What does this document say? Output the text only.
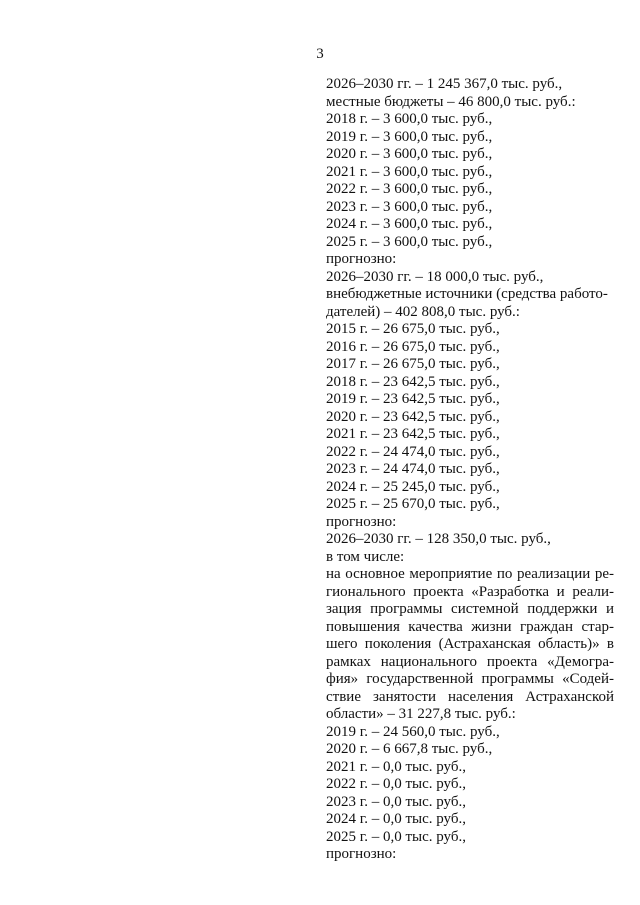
3
2026–2030 гг. – 1 245 367,0 тыс. руб.,
местные бюджеты – 46 800,0 тыс. руб.:
2018 г. – 3 600,0 тыс. руб.,
2019 г. – 3 600,0 тыс. руб.,
2020 г. – 3 600,0 тыс. руб.,
2021 г. – 3 600,0 тыс. руб.,
2022 г. – 3 600,0 тыс. руб.,
2023 г. – 3 600,0 тыс. руб.,
2024 г. – 3 600,0 тыс. руб.,
2025 г. – 3 600,0 тыс. руб.,
прогнозно:
2026–2030 гг. – 18 000,0 тыс. руб.,
внебюджетные источники (средства работо-
дателей) – 402 808,0 тыс. руб.:
2015 г. – 26 675,0 тыс. руб.,
2016 г. – 26 675,0 тыс. руб.,
2017 г. – 26 675,0 тыс. руб.,
2018 г. – 23 642,5 тыс. руб.,
2019 г. – 23 642,5 тыс. руб.,
2020 г. – 23 642,5 тыс. руб.,
2021 г. – 23 642,5 тыс. руб.,
2022 г. – 24 474,0 тыс. руб.,
2023 г. – 24 474,0 тыс. руб.,
2024 г. – 25 245,0 тыс. руб.,
2025 г. – 25 670,0 тыс. руб.,
прогнозно:
2026–2030 гг. – 128 350,0 тыс. руб.,
в том числе:
на основное мероприятие по реализации ре-
гионального проекта «Разработка и реали-
зация программы системной поддержки и
повышения качества жизни граждан стар-
шего поколения (Астраханская область)» в
рамках национального проекта «Демогра-
фия» государственной программы «Содей-
ствие занятости населения Астраханской
области» – 31 227,8 тыс. руб.:
2019 г. – 24 560,0 тыс. руб.,
2020 г. – 6 667,8 тыс. руб.,
2021 г. – 0,0 тыс. руб.,
2022 г. – 0,0 тыс. руб.,
2023 г. – 0,0 тыс. руб.,
2024 г. – 0,0 тыс. руб.,
2025 г. – 0,0 тыс. руб.,
прогнозно:
